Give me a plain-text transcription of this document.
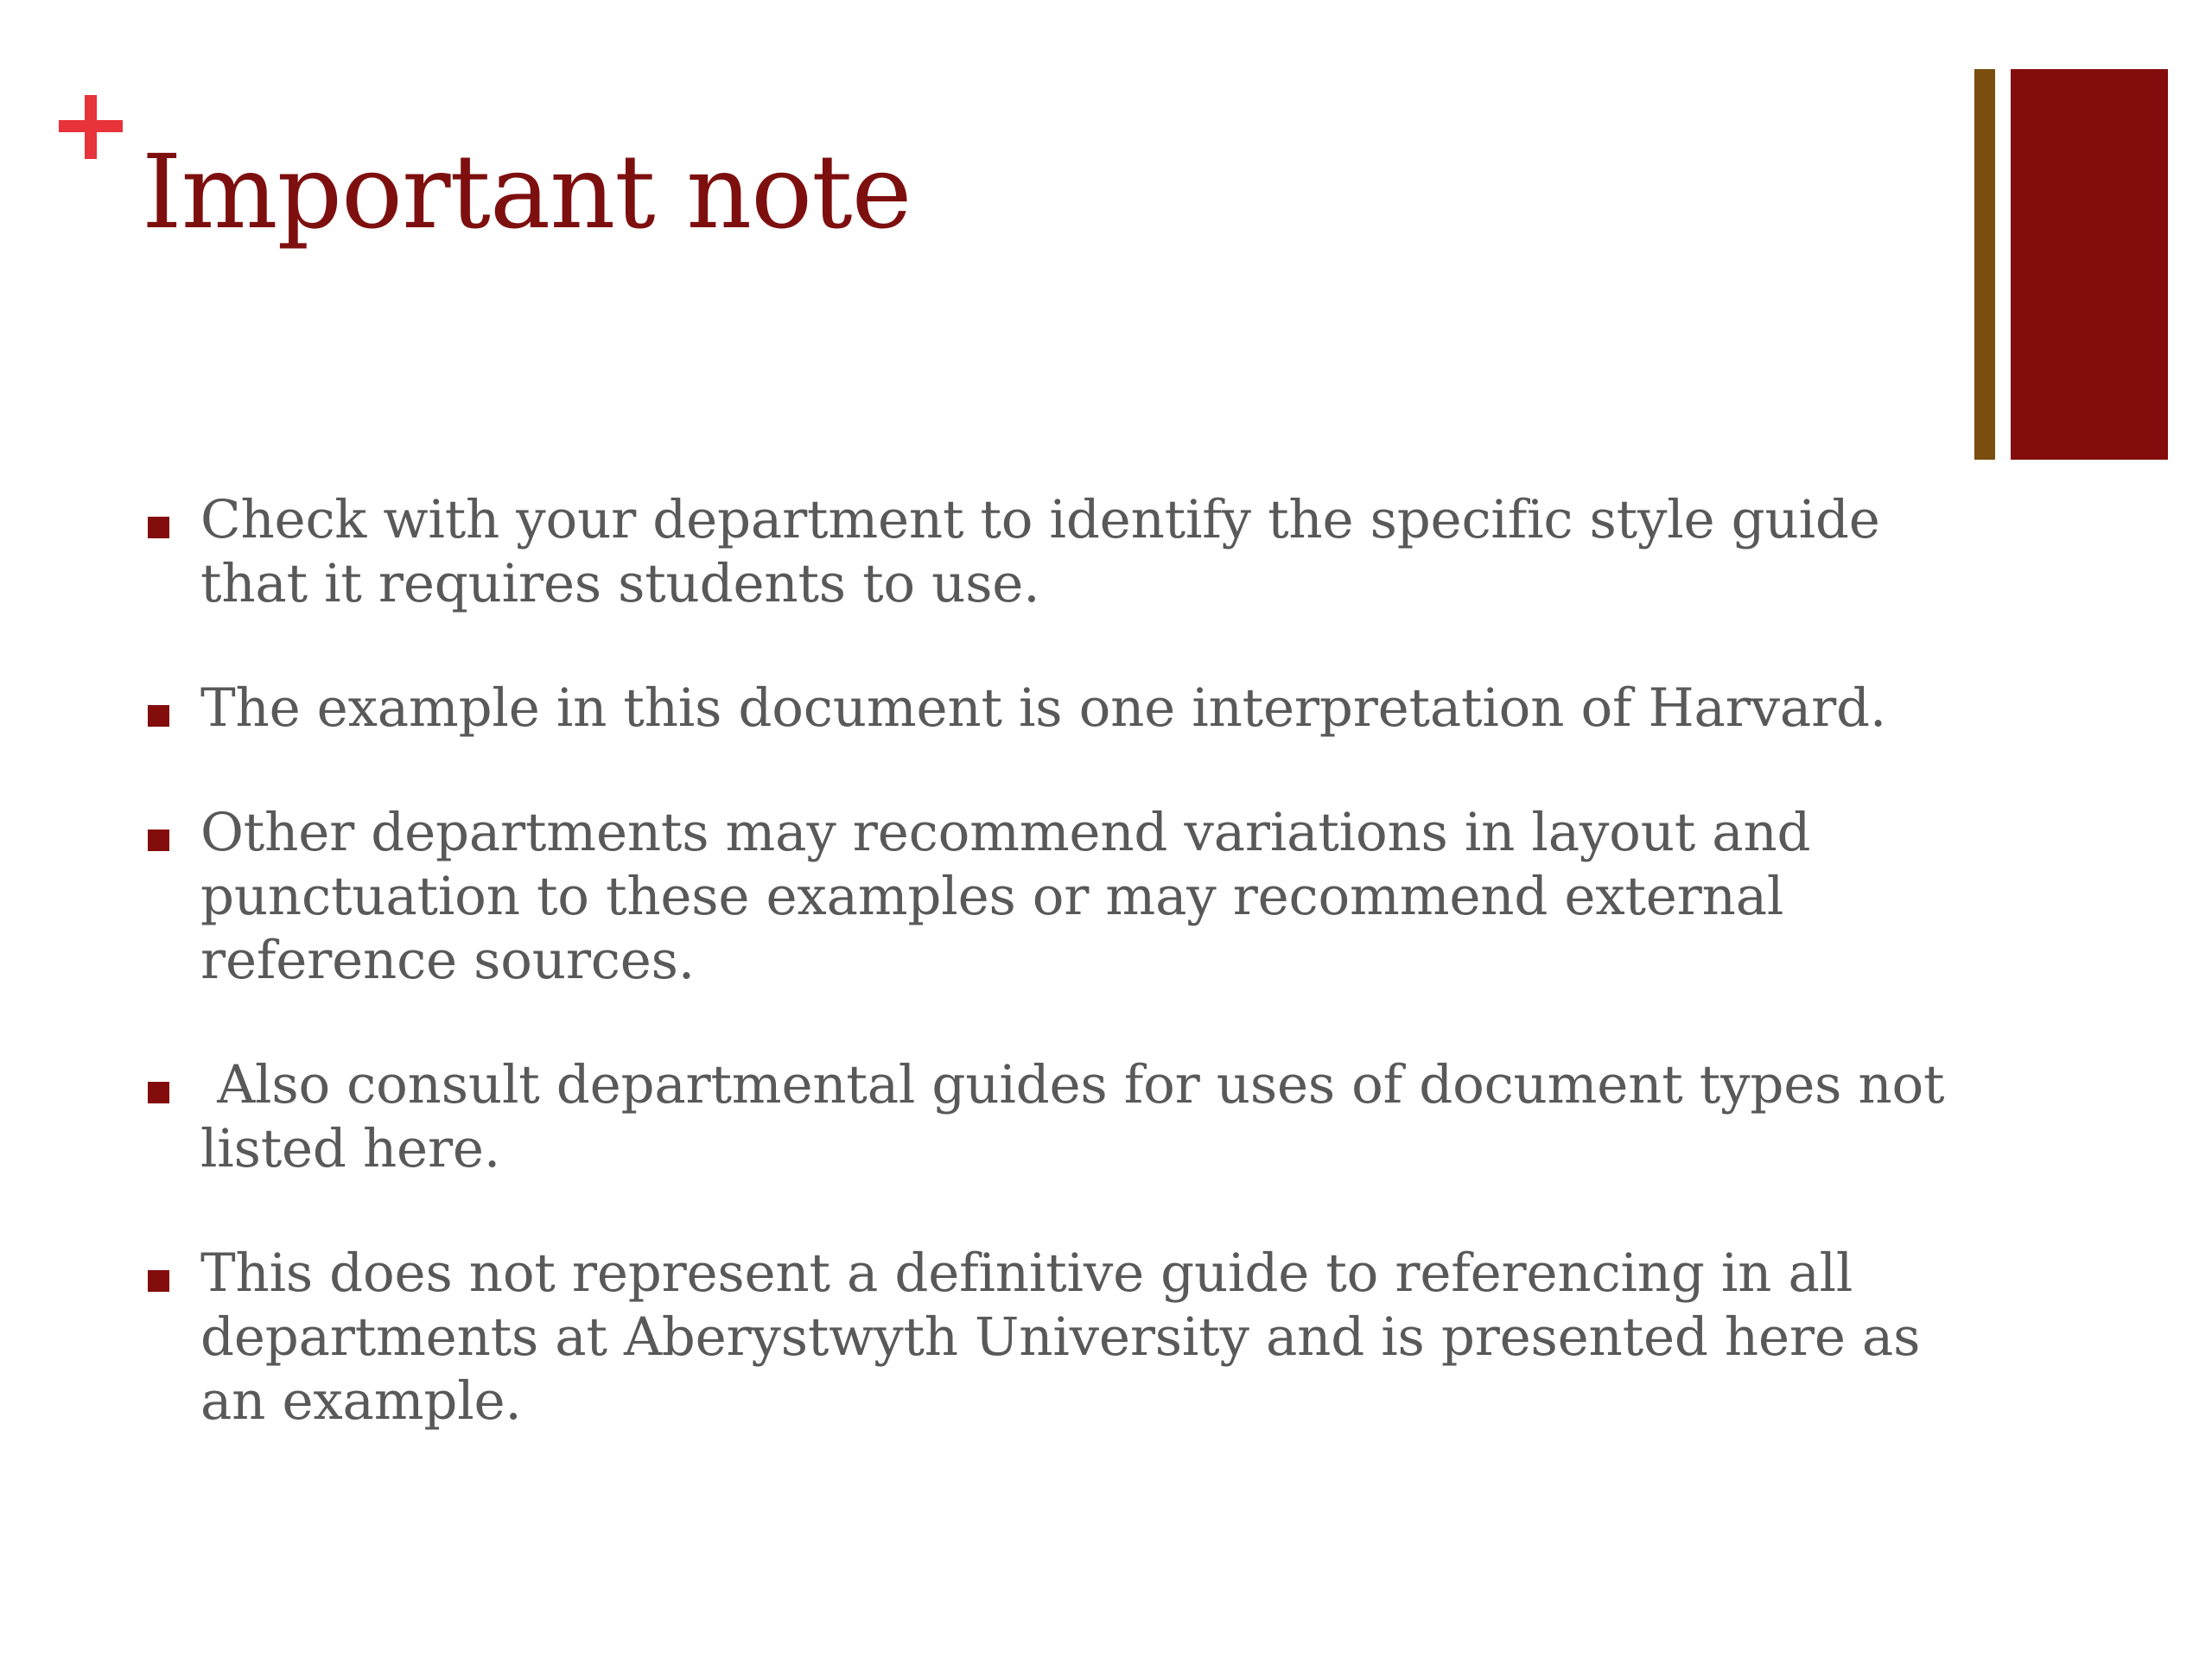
Important note
Check with your department to identify the specific style guide that it requires students to use.
The example in this document is one interpretation of Harvard.
Other departments may recommend variations in layout and punctuation to these examples or may recommend external reference sources.
Also consult departmental guides for uses of document types not listed here.
This does not represent a definitive guide to referencing in all departments at Aberystwyth University and is presented here as an example.
